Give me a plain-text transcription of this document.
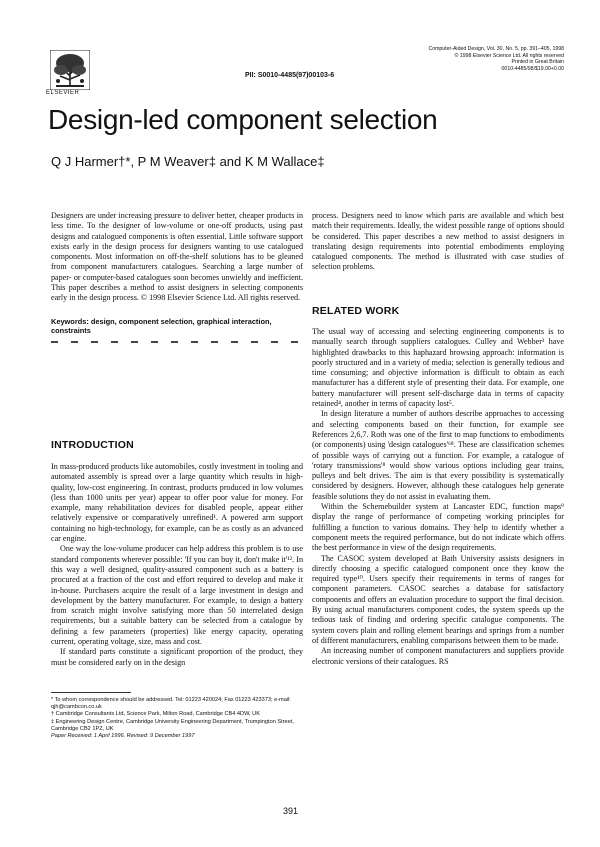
ELSEVIER
PII: S0010-4485(97)00103-6
Computer-Aided Design, Vol. 30, No. 5, pp. 391–405, 1998
© 1998 Elsevier Science Ltd. All rights reserved
Printed in Great Britain
0010-4485/98/$19.00+0.00
Design-led component selection
Q J Harmer†*, P M Weaver‡ and K M Wallace‡

Designers are under increasing pressure to deliver better, cheaper products in less time. To the designer of low-volume or one-off products, using past designs and catalogued components is often essential. Little software support exists early in the design process for designers wanting to use catalogued components. Most information on off-the-shelf solutions has to be gleaned from component manufacturers catalogues. Searching a large number of paper- or computer-based catalogues soon becomes unwieldy and inefficient. This paper describes a method to assist designers in selecting components early in the design process. © 1998 Elsevier Science Ltd. All rights reserved.

Keywords: design, component selection, graphical interaction, constraints
INTRODUCTION

In mass-produced products like automobiles, costly investment in tooling and automated assembly is spread over a large quantity which results in high-quality, low-cost engineering. In contrast, products produced in low volumes (less than 1000 units per year) appear to offer poor value for money. For example, many rehabilitation devices for disabled people, appear either relatively expensive or comparatively unrefined¹. A powered arm support containing no high-technology, for example, can be as costly as an advanced car engine.

One way the low-volume producer can help address this problem is to use standard components wherever possible: 'If you can buy it, don't make it'¹². In this way a well designed, quality-assured component such as a battery is procured at a fraction of the cost and effort required to develop and make it in-house. Purchasers acquire the result of a large investment in design and development by the battery manufacturer. For example, to design a battery from scratch might involve satisfying more than 50 interrelated design requirements, but a suitable battery can be selected from a catalogue by defining a few parameters (properties) like energy capacity, operating current, operating voltage, size, mass and cost.

If standard parts constitute a significant proportion of the product, they must be considered early on in the design

* To whom correspondence should be addressed. Tel: 01223 420024; Fax 01223 423373; e-mail: qjh@cambcon.co.uk

† Cambridge Consultants Ltd, Science Park, Milton Road, Cambridge CB4 4DW, UK

‡ Engineering Design Centre, Cambridge University Engineering Department, Trumpington Street, Cambridge CB2 1PZ, UK

Paper Received: 1 April 1996. Revised: 9 December 1997

process. Designers need to know which parts are available and which best match their requirements. Ideally, the widest possible range of options should be considered. This paper describes a new method to assist designers in translating design requirements into potential embodiments employing catalogued components. The method is illustrated with case studies of selection problems.

RELATED WORK

The usual way of accessing and selecting engineering components is to manually search through suppliers catalogues. Culley and Webber³ have highlighted drawbacks to this haphazard browsing approach: information is poorly structured and in a variety of media; selection is generally tedious and time consuming; and objective information is difficult to obtain as each manufacturer has a different style of presenting their data. For example, one battery manufacturer will present self-discharge data in terms of capacity retained⁴, another in terms of capacity lost⁵.

In design literature a number of authors describe approaches to accessing and selecting components based on their function, for example see References 2,6,7. Roth was one of the first to map functions to embodiments (or components) using 'design catalogues'⁶⁸. These are classification schemes of possible ways of carrying out a function. For example, a catalogue of 'rotary transmissions'⁸ would show various options including gear trains, pulleys and belt drives. The aim is that every possibility is systematically considered by designers. However, although these catalogues help generate feasible solutions they do not assist in evaluating them.

Within the Schemebuilder system at Lancaster EDC, function maps⁹ display the range of performance of competing working principles for fulfilling a function to various domains. They help to identify whether a component meets the required performance, but do not indicate which offers the best performance in view of the design requirements.

The CASOC system developed at Bath University assists designers in directly choosing a specific catalogued component once they know the required type¹⁰. Users specify their requirements in terms of ranges for component parameters. CASOC searches a database for satisfactory components and offers an evaluation procedure to support the final decision. By using actual manufacturers component codes, the system speeds up the tedious task of finding and ordering specific catalogue components. The system covers plain and rolling element bearings and springs from a number of different manufacturers, enabling comparisons between them to be made.

An increasing number of component manufacturers and suppliers provide electronic versions of their catalogues. RS

391
